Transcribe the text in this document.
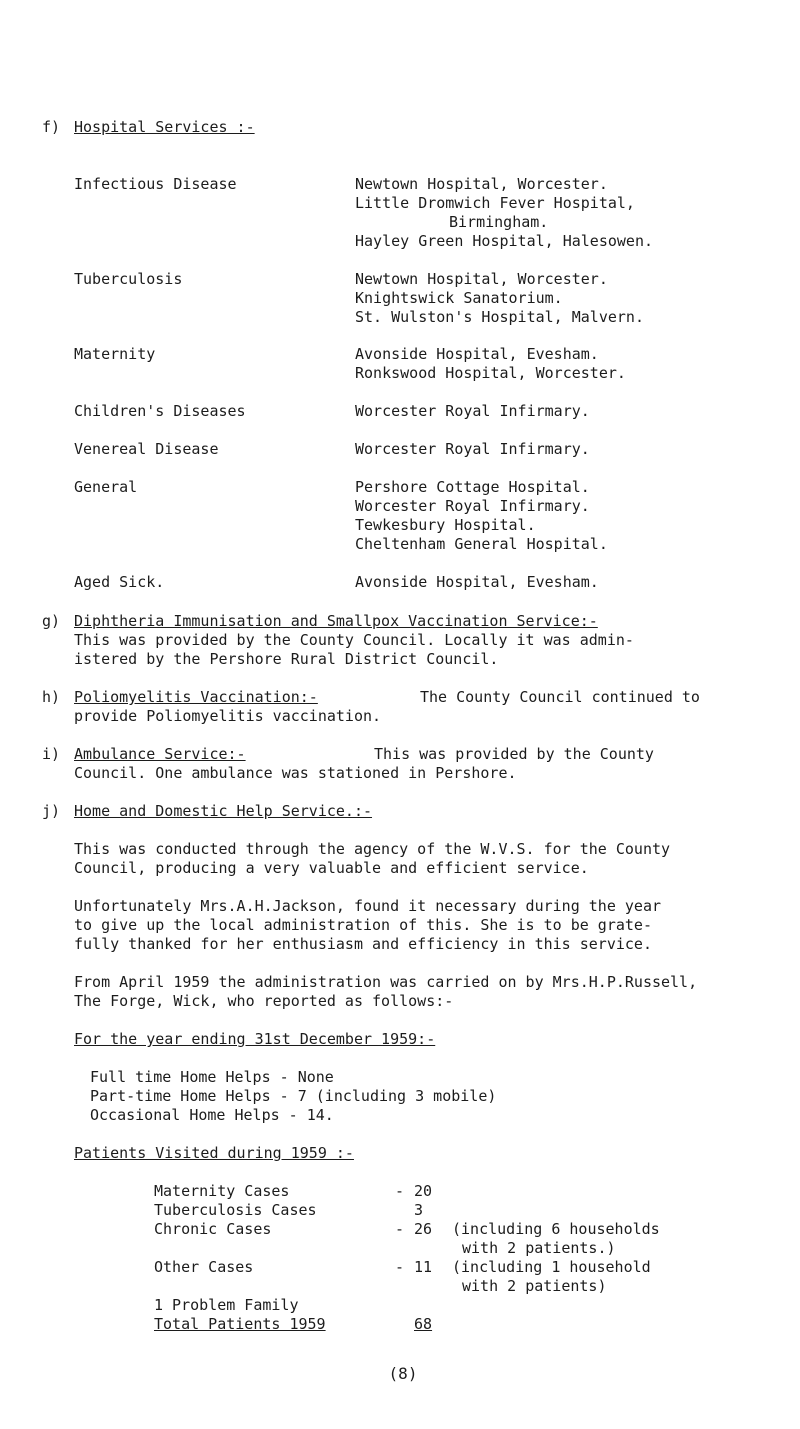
f) Hospital Services :-
Infectious Disease	Newtown Hospital, Worcester.
Little Dromwich Fever Hospital,
Birmingham.
Hayley Green Hospital, Halesowen.
Tuberculosis	Newtown Hospital, Worcester.
Knightswick Sanatorium.
St. Wulston's Hospital, Malvern.
Maternity	Avonside Hospital, Evesham.
Ronkswood Hospital, Worcester.
Children's Diseases	Worcester Royal Infirmary.
Venereal Disease	Worcester Royal Infirmary.
General	Pershore Cottage Hospital.
Worcester Royal Infirmary.
Tewkesbury Hospital.
Cheltenham General Hospital.
Aged Sick.	Avonside Hospital, Evesham.
g) Diphtheria Immunisation and Smallpox Vaccination Service:-
This was provided by the County Council. Locally it was admin-
istered by the Pershore Rural District Council.
h) Poliomyelitis Vaccination:-	The County Council continued to
provide Poliomyelitis vaccination.
i) Ambulance Service:-	This was provided by the County
Council. One ambulance was stationed in Pershore.
j) Home and Domestic Help Service.:-
This was conducted through the agency of the W.V.S. for the County
Council, producing a very valuable and efficient service.
Unfortunately Mrs.A.H.Jackson, found it necessary during the year
to give up the local administration of this. She is to be grate-
fully thanked for her enthusiasm and efficiency in this service.
From April 1959 the administration was carried on by Mrs.H.P.Russell,
The Forge, Wick, who reported as follows:-
For the year ending 31st December 1959:-
Full time Home Helps - None
Part-time Home Helps - 7 (including 3 mobile)
Occasional Home Helps - 14.
Patients Visited during 1959 :-
Maternity Cases	- 20
Tuberculosis Cases	3
Chronic Cases	- 26 (including 6 households
with 2 patients.)
Other Cases	- 11 (including 1 household
with 2 patients)
1 Problem Family
Total Patients 1959	68
(8)
